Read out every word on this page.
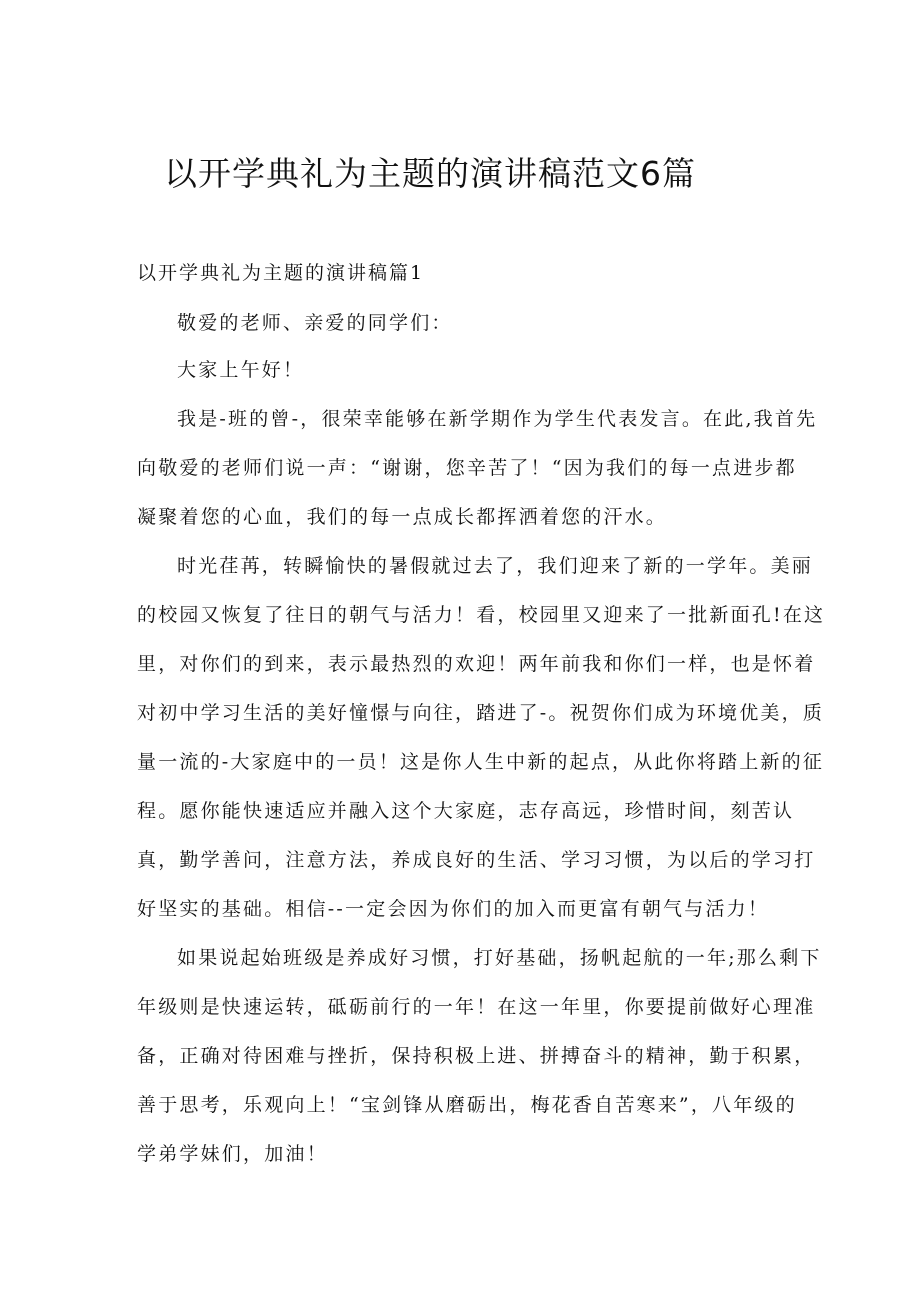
以开学典礼为主题的演讲稿范文6篇
以开学典礼为主题的演讲稿篇1
敬爱的老师、亲爱的同学们：
大家上午好！
我是-班的曾-，很荣幸能够在新学期作为学生代表发言。在此,我首先
向敬爱的老师们说一声：“谢谢，您辛苦了！“因为我们的每一点进步都
凝聚着您的心血，我们的每一点成长都挥洒着您的汗水。
时光荏苒，转瞬愉快的暑假就过去了，我们迎来了新的一学年。美丽
的校园又恢复了往日的朝气与活力！看，校园里又迎来了一批新面孔!在这
里，对你们的到来，表示最热烈的欢迎！两年前我和你们一样，也是怀着
对初中学习生活的美好憧憬与向往，踏进了-。祝贺你们成为环境优美，质
量一流的-大家庭中的一员！这是你人生中新的起点，从此你将踏上新的征
程。愿你能快速适应并融入这个大家庭，志存高远，珍惜时间，刻苦认
真，勤学善问，注意方法，养成良好的生活、学习习惯，为以后的学习打
好坚实的基础。相信--一定会因为你们的加入而更富有朝气与活力！
如果说起始班级是养成好习惯，打好基础，扬帆起航的一年;那么剩下
年级则是快速运转，砥砺前行的一年！在这一年里，你要提前做好心理准
备，正确对待困难与挫折，保持积极上进、拼搏奋斗的精神，勤于积累，
善于思考，乐观向上！“宝剑锋从磨砺出，梅花香自苦寒来”，八年级的
学弟学妹们，加油！
